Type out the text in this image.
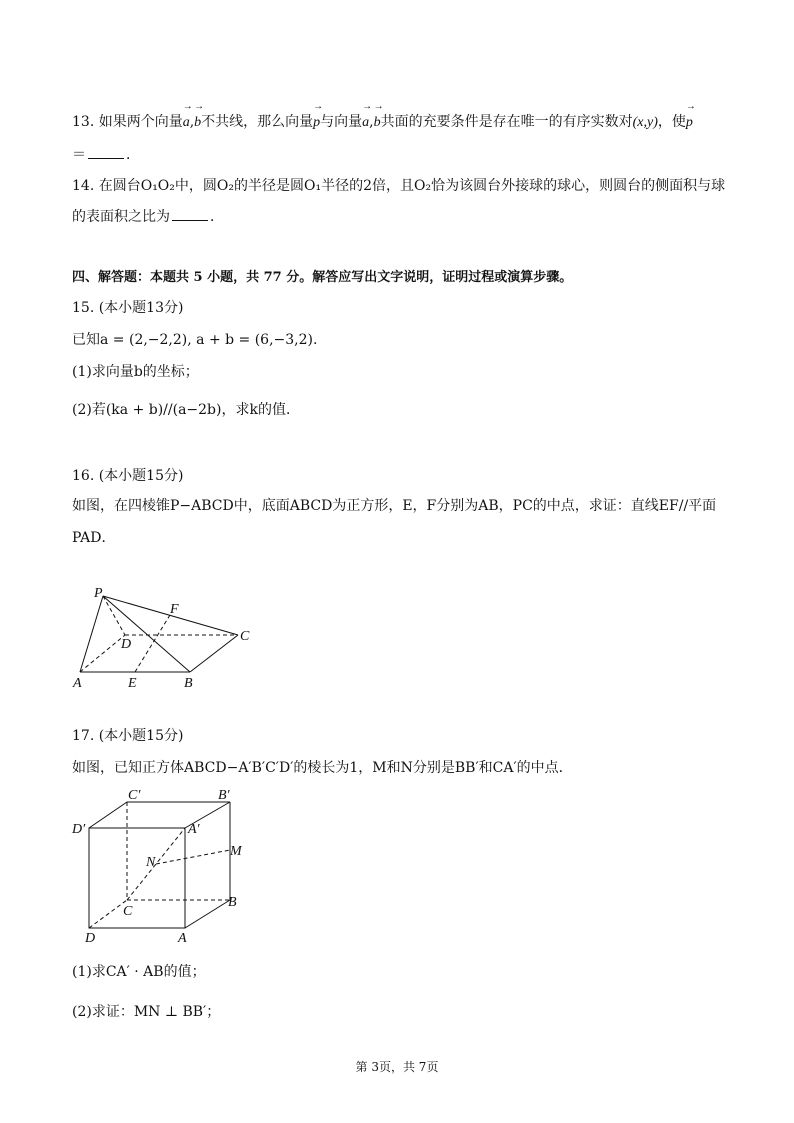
13. 如果两个向量→ a,→ b不共线，那么向量→ p与向量→ a,→ b共面的充要条件是存在唯一的有序实数对(x,y)，使→ p
＝	．
14. 在圆台O₁O₂中，圆O₂的半径是圆O₁半径的2倍，且O₂恰为该圆台外接球的球心，则圆台的侧面积与球
的表面积之比为	．
四、解答题：本题共 5 小题，共 77 分。解答应写出文字说明，证明过程或演算步骤。
15. (本小题13分)
已知a = (2,−2,2), a + b = (6,−3,2).
(1)求向量b的坐标；
(2)若(ka + b)//(a−2b)，求k的值．
16. (本小题15分)
如图，在四棱锥P−ABCD中，底面ABCD为正方形，E，F分别为AB，PC的中点，求证：直线EF//平面
PAD．
P
F
C
D
A	E	B
17. (本小题15分)
如图，已知正方体ABCD−A′B′C′D′的棱长为1，M和N分别是BB′和CA′的中点．
C′	B′
D′	A′
M
N
C
B
D	A
(1)求CA′ · AB的值；
(2)求证：MN ⊥ BB′；
第 3页，共 7页
